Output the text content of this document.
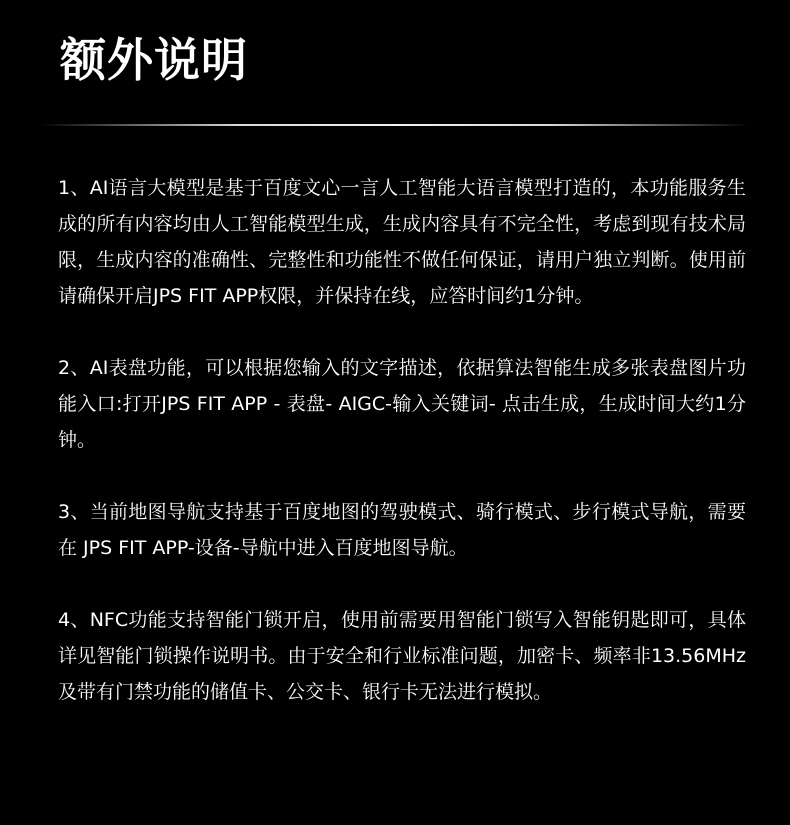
额外说明
1、AI语言大模型是基于百度文心一言人工智能大语言模型打造的，本功能服务生成的所有内容均由人工智能模型生成，生成内容具有不完全性，考虑到现有技术局限，生成内容的准确性、完整性和功能性不做任何保证，请用户独立判断。使用前请确保开启JPS FIT APP权限，并保持在线，应答时间约1分钟。
2、AI表盘功能，可以根据您输入的文字描述，依据算法智能生成多张表盘图片功能入口:打开JPS FIT APP - 表盘- AIGC-输入关键词- 点击生成，生成时间大约1分钟。
3、当前地图导航支持基于百度地图的驾驶模式、骑行模式、步行模式导航，需要在 JPS FIT APP-设备-导航中进入百度地图导航。
4、NFC功能支持智能门锁开启，使用前需要用智能门锁写入智能钥匙即可，具体详见智能门锁操作说明书。由于安全和行业标准问题，加密卡、频率非13.56MHz 及带有门禁功能的储值卡、公交卡、银行卡无法进行模拟。
